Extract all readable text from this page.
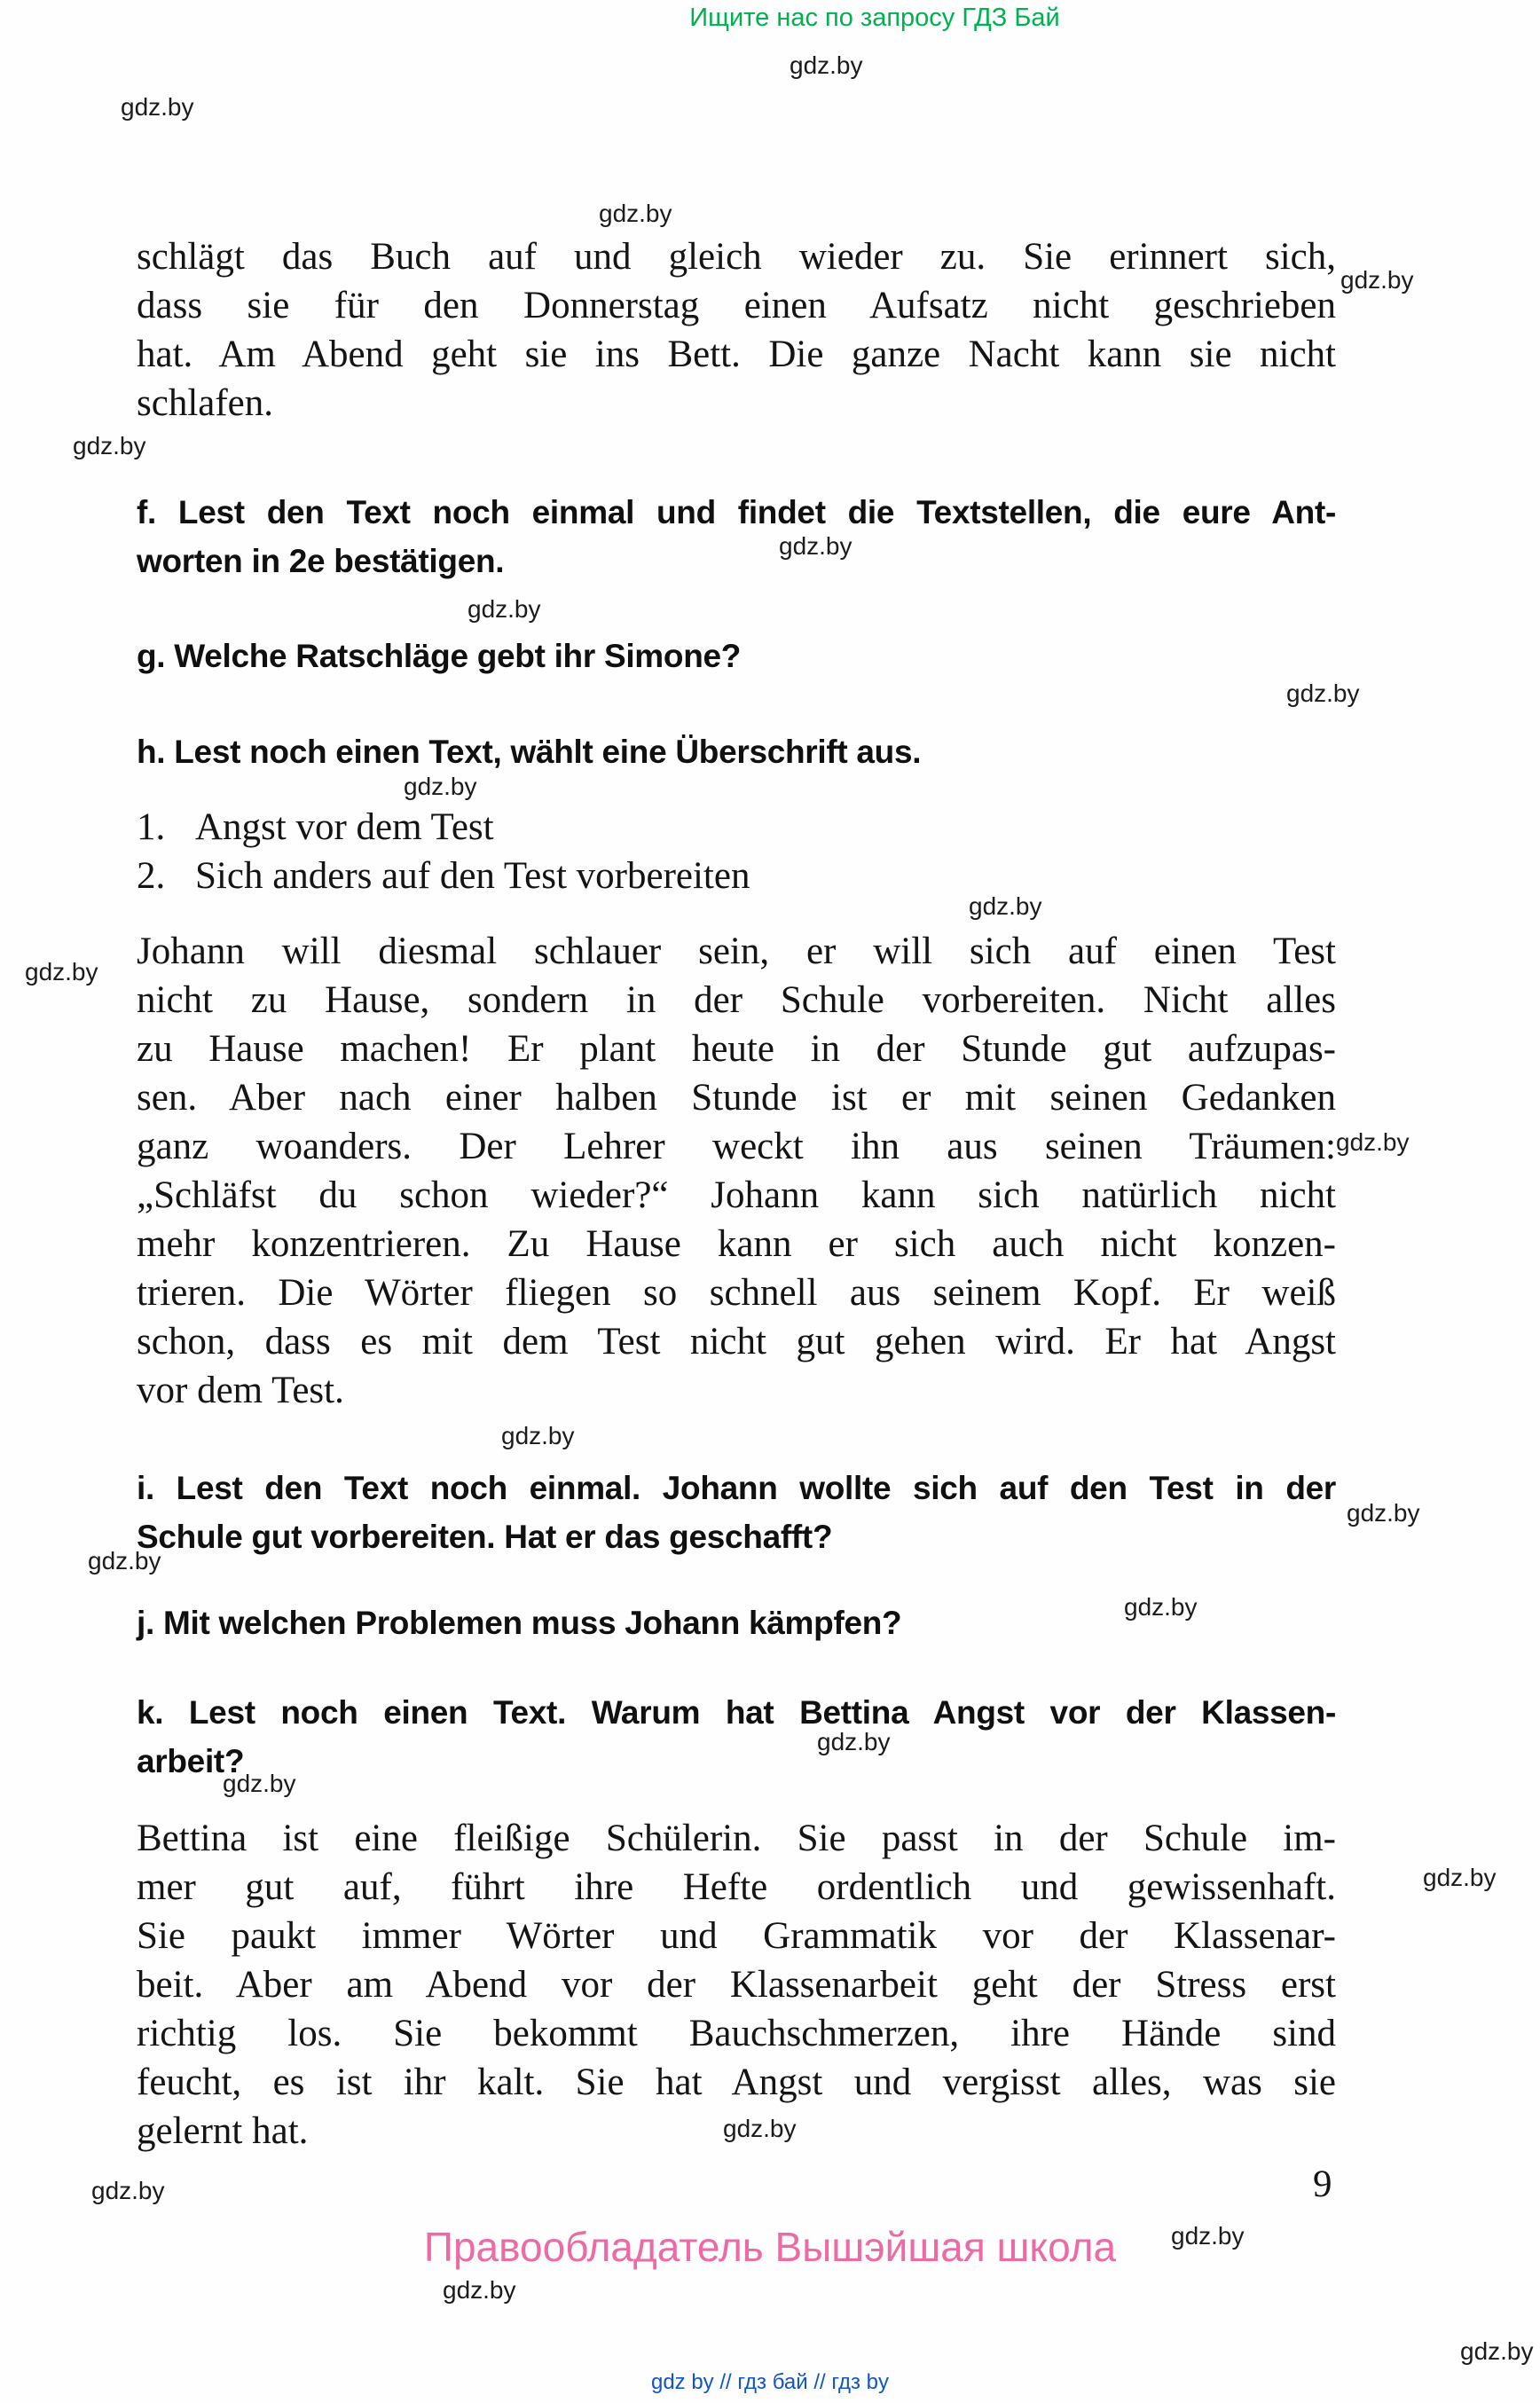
Ищите нас по запросу ГДЗ Бай
gdz.by
gdz.by
gdz.by
gdz.by
gdz.by
gdz.by
gdz.by
gdz.by
gdz.by
gdz.by
gdz.by
gdz.by
gdz.by
gdz.by
gdz.by
gdz.by
gdz.by
gdz.by
gdz.by
gdz.by
gdz.by
gdz.by
gdz.by
gdz.by
schlägt das Buch auf und gleich wieder zu. Sie erinnert sich,
dass sie für den Donnerstag einen Aufsatz nicht geschrieben
hat. Am Abend geht sie ins Bett. Die ganze Nacht kann sie nicht
schlafen.
f. Lest den Text noch einmal und findet die Textstellen, die eure Ant-
worten in 2e bestätigen.
g. Welche Ratschläge gebt ihr Simone?
h. Lest noch einen Text, wählt eine Überschrift aus.
1. Angst vor dem Test
2. Sich anders auf den Test vorbereiten
Johann will diesmal schlauer sein, er will sich auf einen Test
nicht zu Hause, sondern in der Schule vorbereiten. Nicht alles
zu Hause machen! Er plant heute in der Stunde gut aufzupas-
sen. Aber nach einer halben Stunde ist er mit seinen Gedanken
ganz woanders. Der Lehrer weckt ihn aus seinen Träumen:
„Schläfst du schon wieder?“ Johann kann sich natürlich nicht
mehr konzentrieren. Zu Hause kann er sich auch nicht konzen-
trieren. Die Wörter fliegen so schnell aus seinem Kopf. Er weiß
schon, dass es mit dem Test nicht gut gehen wird. Er hat Angst
vor dem Test.
i. Lest den Text noch einmal. Johann wollte sich auf den Test in der
Schule gut vorbereiten. Hat er das geschafft?
j. Mit welchen Problemen muss Johann kämpfen?
k. Lest noch einen Text. Warum hat Bettina Angst vor der Klassen-
arbeit?
Bettina ist eine fleißige Schülerin. Sie passt in der Schule im-
mer gut auf, führt ihre Hefte ordentlich und gewissenhaft.
Sie paukt immer Wörter und Grammatik vor der Klassenar-
beit. Aber am Abend vor der Klassenarbeit geht der Stress erst
richtig los. Sie bekommt Bauchschmerzen, ihre Hände sind
feucht, es ist ihr kalt. Sie hat Angst und vergisst alles, was sie
gelernt hat.
9
Правообладатель Вышэйшая школа
gdz by // гдз бай // гдз by
